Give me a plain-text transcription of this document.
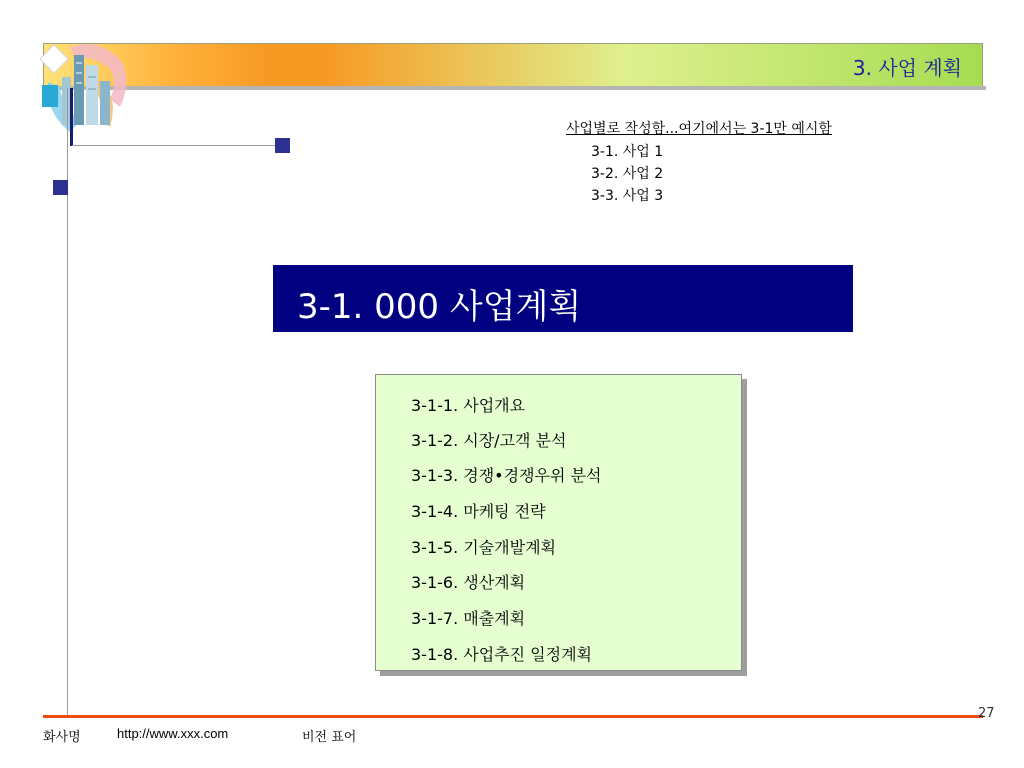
3. 사업 계획
사업별로 작성함...여기에서는 3-1만 예시함
3-1. 사업 1
3-2. 사업 2
3-3. 사업 3
3-1. 000 사업계획
3-1-1. 사업개요
3-1-2. 시장/고객 분석
3-1-3. 경쟁•경쟁우위 분석
3-1-4. 마케팅 전략
3-1-5. 기술개발계획
3-1-6. 생산계획
3-1-7. 매출계획
3-1-8. 사업추진 일정계획
27
화사명	http://www.xxx.com	비전 표어
